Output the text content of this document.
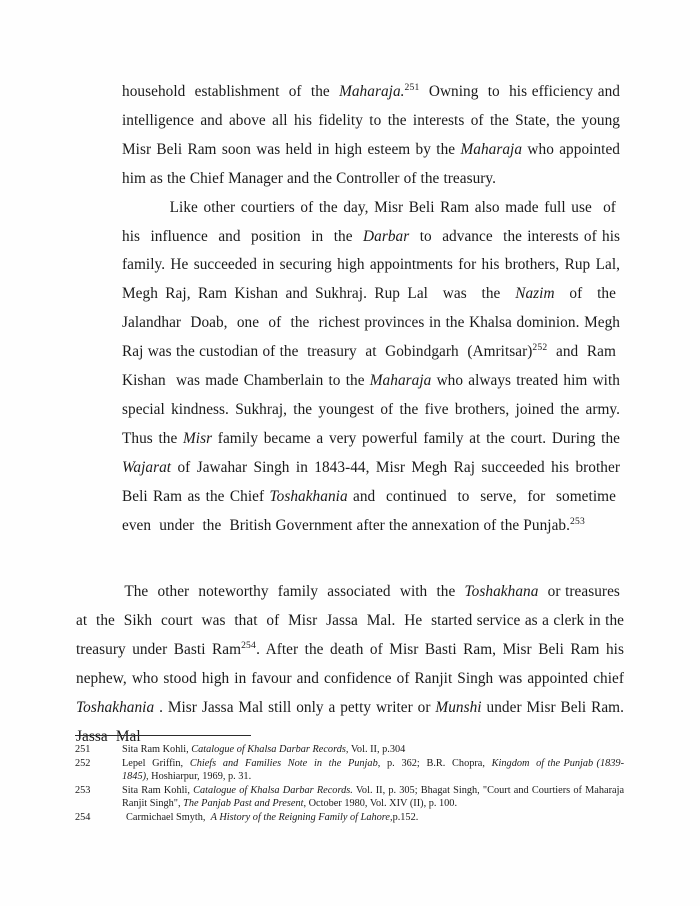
household  establishment  of  the  Maharaja.$^{251}$  Owning  to  his efficiency and intelligence and above all his fidelity to the interests of the State, the young Misr Beli Ram soon was held in high esteem by the Maharaja who appointed him as the Chief Manager and the Controller of the treasury.

Like other courtiers of the day, Misr Beli Ram also made full use  of  his  influence  and  position  in  the  Darbar  to  advance  the interests of his family. He succeeded in securing high appointments for his brothers, Rup Lal, Megh Raj, Ram Kishan and Sukhraj. Rup Lal  was  the  Nazim  of  the  Jalandhar  Doab,  one  of  the  richest provinces in the Khalsa dominion. Megh Raj was the custodian of the  treasury  at  Gobindgarh  (Amritsar)$^{252}$  and  Ram  Kishan  was made Chamberlain to the Maharaja who always treated him with special kindness. Sukhraj, the youngest of the five brothers, joined the army. Thus the Misr family became a very powerful family at the court. During the Wajarat of Jawahar Singh in 1843-44, Misr Megh Raj succeeded his brother Beli Ram as the Chief Toshakhania and  continued  to  serve,  for  sometime  even  under  the  British Government after the annexation of the Punjab.$^{253}$

The  other  noteworthy  family  associated  with  the  Toshakhana  or treasures  at  the  Sikh  court  was  that  of  Misr  Jassa  Mal.  He  started service as a clerk in the treasury under Basti Ram$^{254}$. After the death of Misr Basti Ram, Misr Beli Ram his nephew, who stood high in favour and confidence of Ranjit Singh was appointed chief Toshakhania . Misr Jassa Mal still only a petty writer or Munshi under Misr Beli Ram. Jassa  Mal

251	Sita Ram Kohli, Catalogue of Khalsa Darbar Records, Vol. II, p.304
252	Lepel  Griffin,  Chiefs  and  Families  Note  in  the  Punjab,  p.  362;  B.R.  Chopra,  Kingdom  of the Punjab (1839-1845), Hoshiarpur, 1969, p. 31.
253	Sita Ram Kohli, Catalogue of Khalsa Darbar Records. Vol. II, p. 305; Bhagat Singh, "Court and Courtiers of Maharaja Ranjit Singh", The Panjab Past and Present, October 1980, Vol. XIV (II), p. 100.
254	Carmichael Smyth,  A History of the Reigning Family of Lahore,p.152.
